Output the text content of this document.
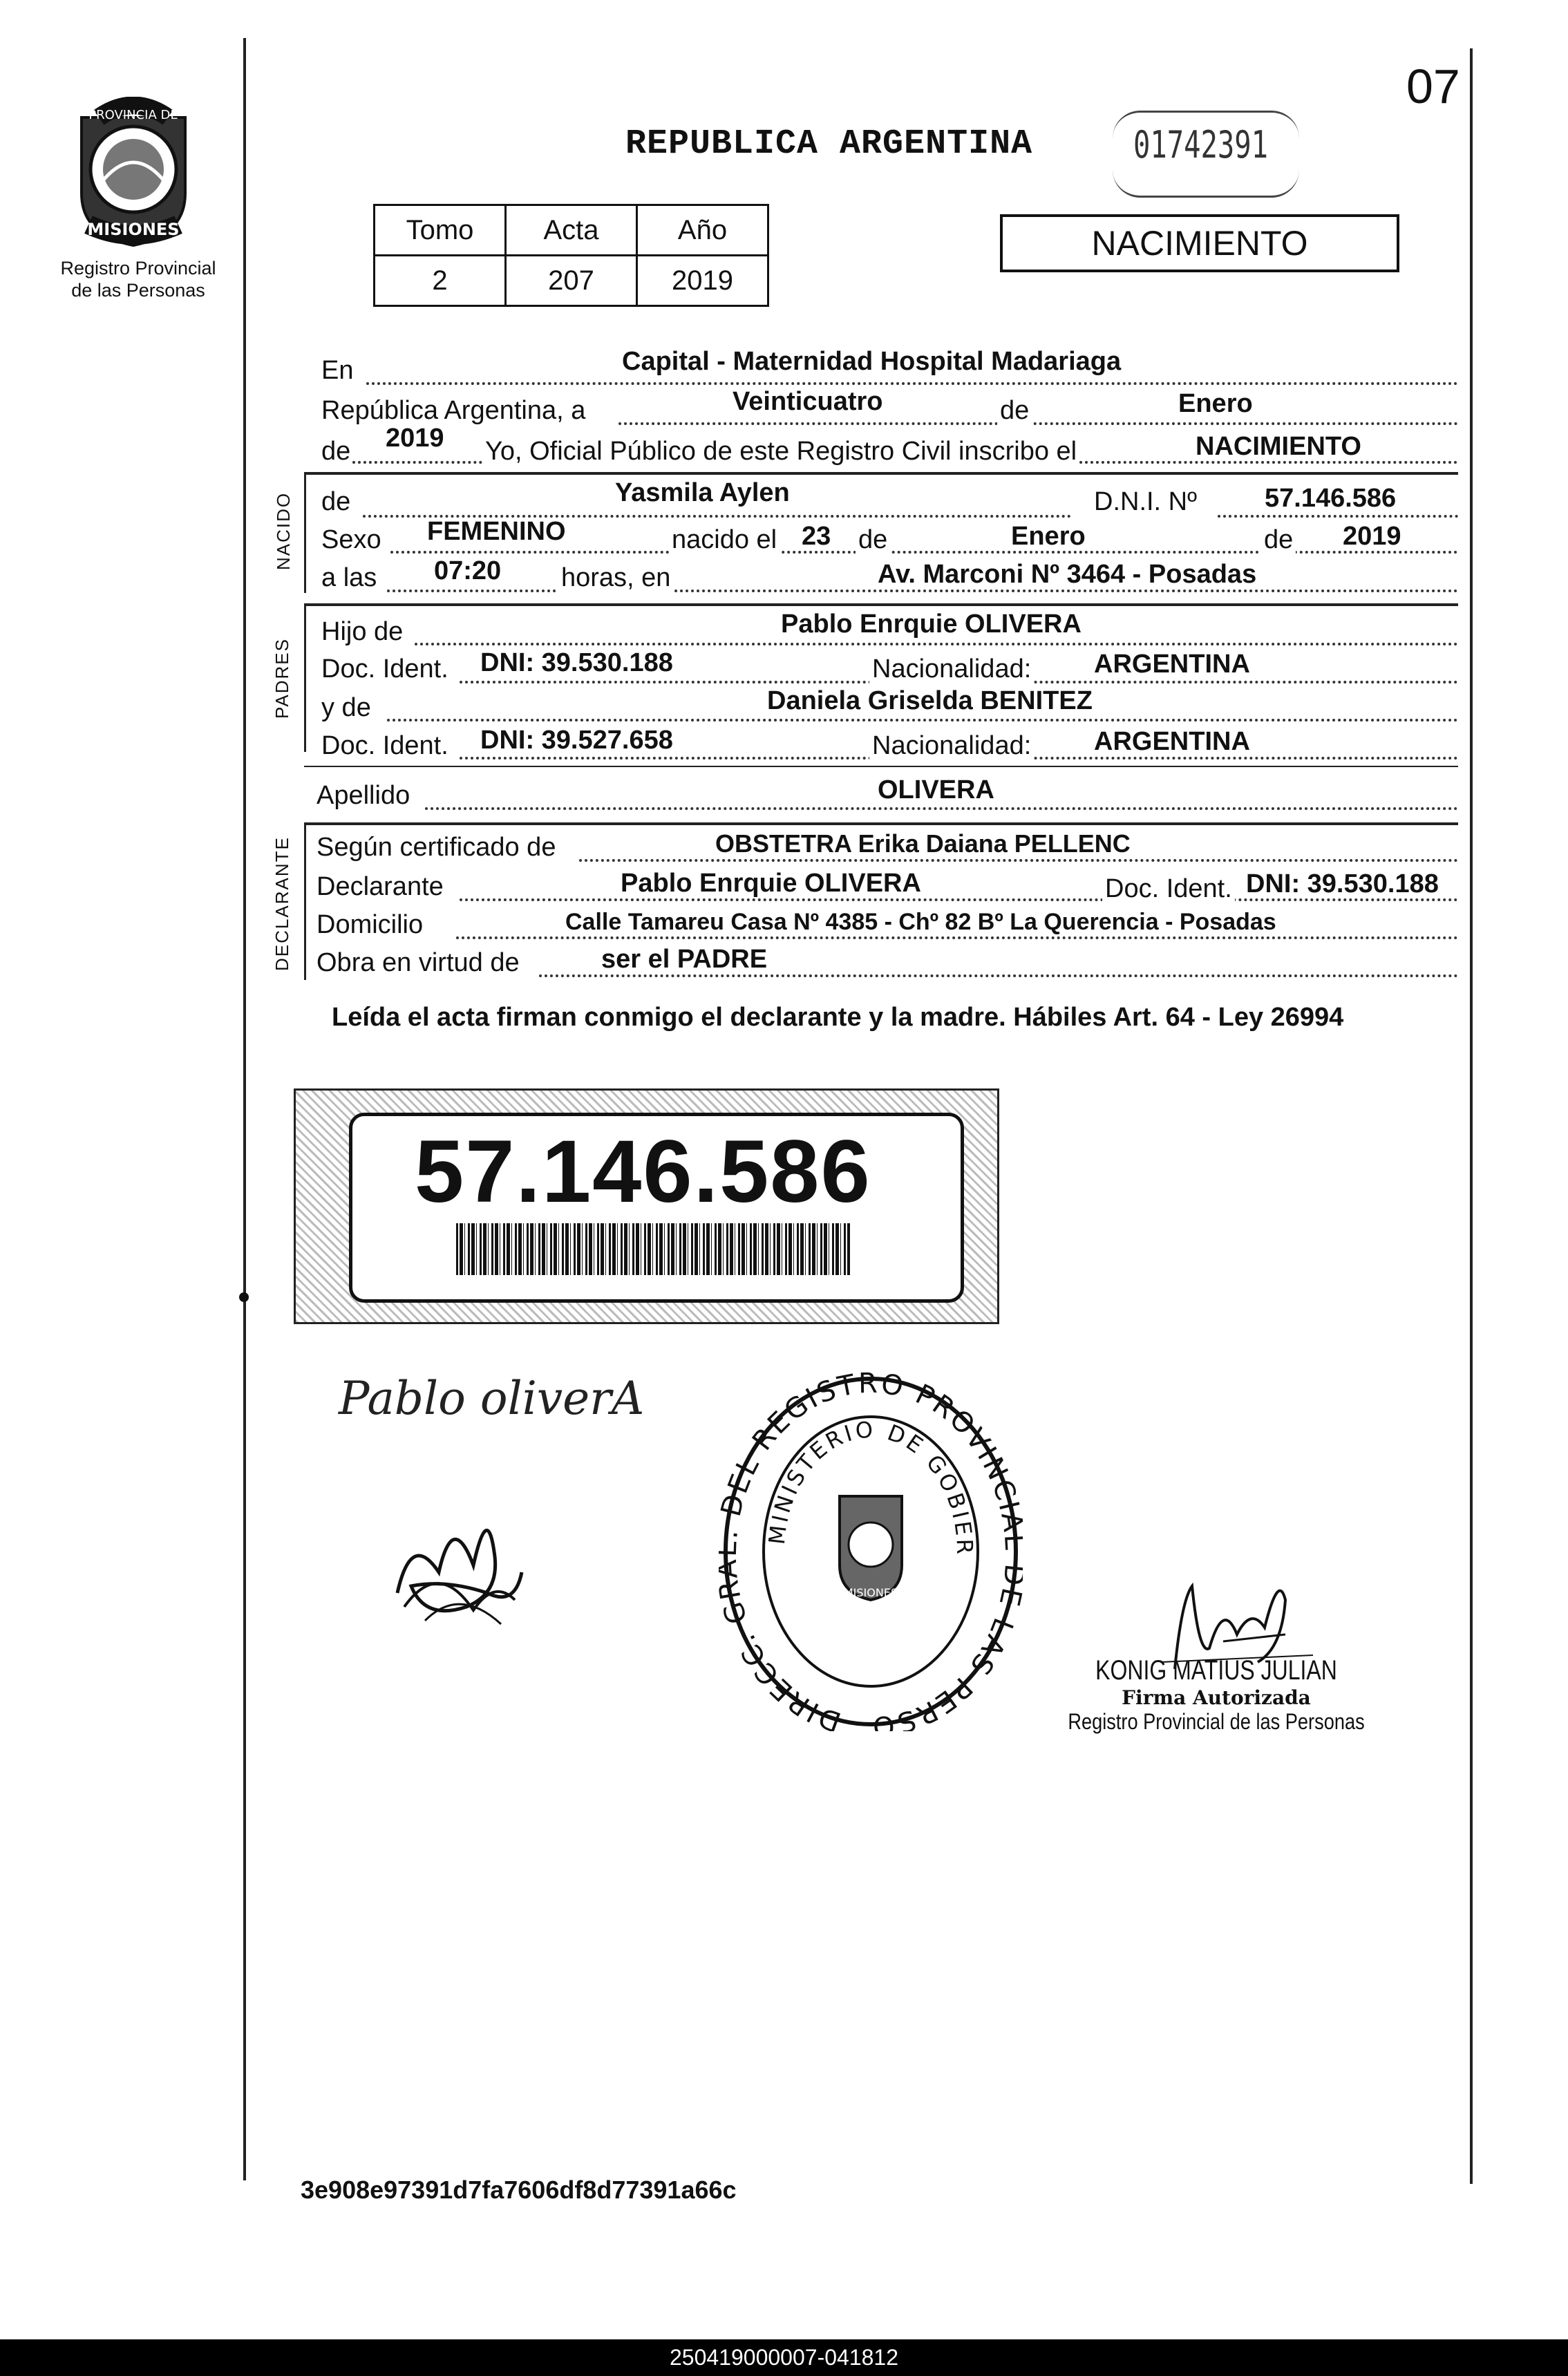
07
PROVINCIA DE
MISIONES
Registro Provincial
de las Personas
REPUBLICA ARGENTINA	01742391
Tomo	Acta	Año
2	207	2019
NACIMIENTO
En	Capital - Maternidad Hospital Madariaga
República Argentina, a	Veinticuatro	de	Enero
de 2019 Yo, Oficial Público de este Registro Civil inscribo el	NACIMIENTO
NACIDO de	Yasmila Aylen	D.N.I. Nº	57.146.586
Sexo FEMENINO	nacido el 23 de	Enero	de 2019
a las 07:20 horas, en	Av. Marconi Nº 3464 - Posadas
PADRES
Hijo de	Pablo Enrquie OLIVERA
Doc. Ident. DNI: 39.530.188	Nacionalidad: ARGENTINA
y de	Daniela Griselda BENITEZ
Doc. Ident. DNI: 39.527.658	Nacionalidad: ARGENTINA
Apellido	OLIVERA
DECLARANTE Según certificado de	OBSTETRA Erika Daiana PELLENC
Declarante	Pablo Enrquie OLIVERA	Doc. Ident. DNI: 39.530.188
Domicilio	Calle Tamareu Casa Nº 4385 - Chº 82 Bº La Querencia - Posadas
Obra en virtud de	ser el PADRE
Leída el acta firman conmigo el declarante y la madre. Hábiles Art. 64 - Ley 26994
57.146.586
Pablo oliverA
DIRECC. G DEL REGISTRO PROVINCI LAS PERSO
MINISTERIO DE GOBIER
MISIONES
KONIG MATIUS JULIAN
Firma Autorizada
Registro Provincial de las Personas
3e908e97391d7fa7606df8d77391a66c
250419000007-041812
